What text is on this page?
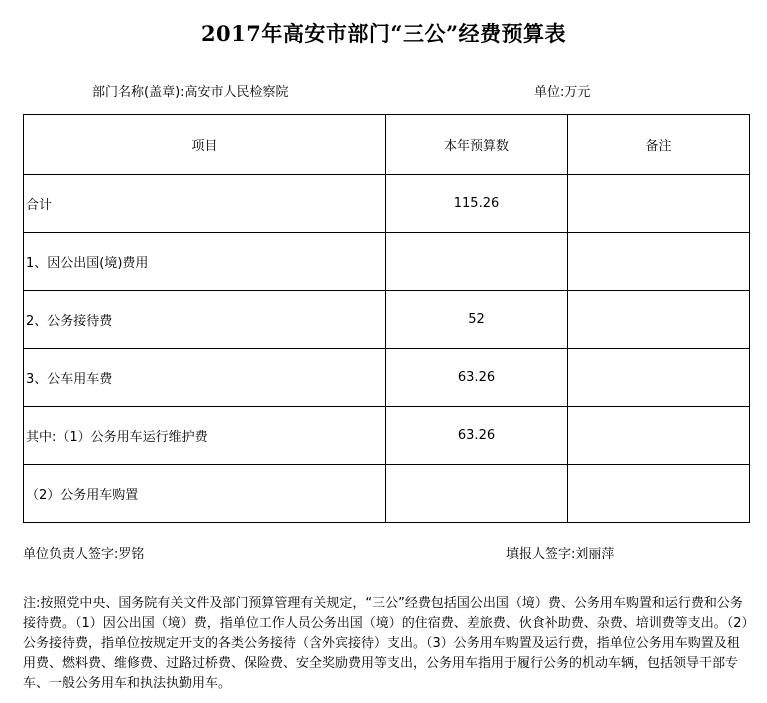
2017年高安市部门“三公”经费预算表
部门名称(盖章):高安市人民检察院	单位:万元
项目	本年预算数	备注
合计	115.26	
1、因公出国(境)费用		
2、公务接待费	52	
3、公车用车费	63.26	
其中:（1）公务用车运行维护费	63.26	
（2）公务用车购置		
单位负责人签字:罗铭	填报人签字:刘丽萍
注:按照党中央、国务院有关文件及部门预算管理有关规定，“三公”经费包括国公出国（境）费、公务用车购置和运行费和公务接待费。（1）因公出国（境）费，指单位工作人员公务出国（境）的住宿费、差旅费、伙食补助费、杂费、培训费等支出。（2）公务接待费，指单位按规定开支的各类公务接待（含外宾接待）支出。（3）公务用车购置及运行费，指单位公务用车购置及租用费、燃料费、维修费、过路过桥费、保险费、安全奖励费用等支出，公务用车指用于履行公务的机动车辆，包括领导干部专车、一般公务用车和执法执勤用车。
